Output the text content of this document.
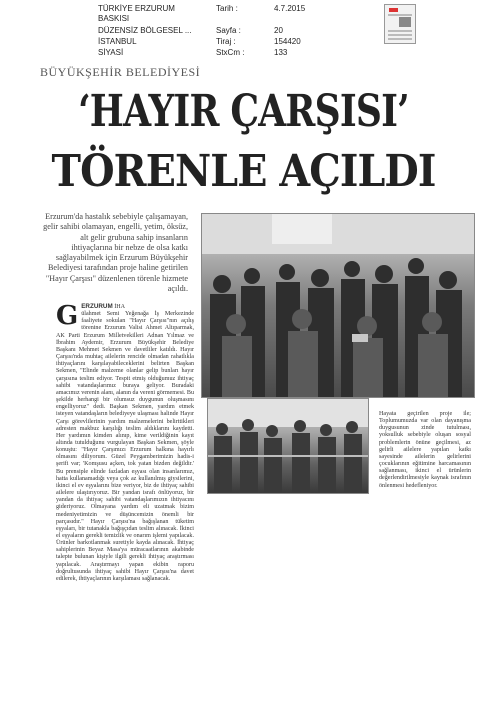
TÜRKİYE ERZURUM	Tarih :	4.7.2015
BASKISI
DÜZENSİZ BÖLGESEL ...	Sayfa :	20
İSTANBUL	Tiraj :	154420
SİYASİ	StxCm :	133
BÜYÜKŞEHİR BELEDİYESİ
‘HAYIR ÇARŞISI’
TÖRENLE AÇILDI
Erzurum'da hastalık sebebiyle çalışamayan, gelir sahibi olamayan, engelli, yetim, öksüz, alt gelir grubuna sahip insanların ihtiyaçlarına bir nebze de olsa katkı sağlayabilmek için Erzurum Büyükşehir Belediyesi tarafından proje haline getirilen "Hayır Çarşısı" düzenlenen törenle hizmete açıldı.
Hayata geçirilen proje ile; Toplumumuzda var olan dayanışma duygusunun zinde tutulması, yoksulluk sebebiyle oluşan sosyal problemlerin önüne geçilmesi, az gelirli ailelere yapılan katkı sayesinde ailelerin gelirlerini çocuklarının eğitimine harcamasının sağlanması, ikinci el ürünlerin değerlendirilmesiyle kaynak israfının önlenmesi hedefleniyor.
GERZURUM İHA
ülahmet Semi Yeğenağa İş Merkezinde faaliyete sokulan "Hayır Çarşısı"nın açılış törenine Erzurum Valisi Ahmet Altıparmak, AK Parti Erzurum Milletvekilleri Adnan Yılmaz ve İbrahim Aydemir, Erzurum Büyükşehir Belediye Başkanı Mehmet Sekmen ve davetliler katıldı. Hayır Çarşısı'nda muhtaç ailelerin rencide olmadan rahatlıkla ihtiyaçlarını karşılayabileceklerini belirten Başkan Sekmen, "Elinde malzeme olanlar gelip bunları hayır çarşısına teslim ediyor. Tespit etmiş olduğumuz ihtiyaç sahibi vatandaşlarımız buraya geliyor. Buradaki amacımız verenin alanı, alanın da vereni görmemesi. Bu şekilde herhangi bir olumsuz duygunun oluşmasını engelliyoruz" dedi. Başkan Sekmen, yardım etmek isteyen vatandaşların belediyeye ulaşması halinde Hayır Çarşı görevlilerinin yardım malzemelerini belirttikleri adresten makbuz karşılığı teslim aldıklarını kaydetti. Her yardımın kimden alınıp, kime verildiğinin kayıt altında tutulduğunu vurgulayan Başkan Sekmen, şöyle konuştu: "Hayır Çarşımızı Erzurum halkına hayırlı olmasını diliyorum. Güzel Peygamberimizin hadis-i şerifi var; 'Komşusu açken, tok yatan bizden değildir.' Bu prensiple elinde fazladan eşyası olan insanlarımız, hatta kullanamadığı veya çok az kullanılmış giysilerini, ikinci el ev eşyalarını bize veriyor, biz de ihtiyaç sahibi ailelere ulaştırıyoruz. Bir yandan israfı önlüyoruz, bir yandan da ihtiyaç sahibi vatandaşlarımızın ihtiyacını gideriyoruz. Olmayana yardım eli uzatmak bizim medeniyetimizin ve düşüncemizin önemli bir parçasıdır." Hayır Çarşısı'na bağışlanan tüketim eşyaları, bir tutanakla bağışçıdan teslim alınacak. İkinci el eşyaların gerekli temizlik ve onarım işlemi yapılacak. Ürünler barkotlanmak suretiyle kayda alınacak. İhtiyaç sahiplerinin Beyaz Masa'ya müracaatlarının akabinde talepte bulunan kişiyle ilgili gerekli ihtiyaç araştırması yapılacak. Araştırmayı yapan ekibin raporu doğrultusunda ihtiyaç sahibi Hayır Çarşısı'na davet edilerek, ihtiyaçlarının karşılaması sağlanacak.
